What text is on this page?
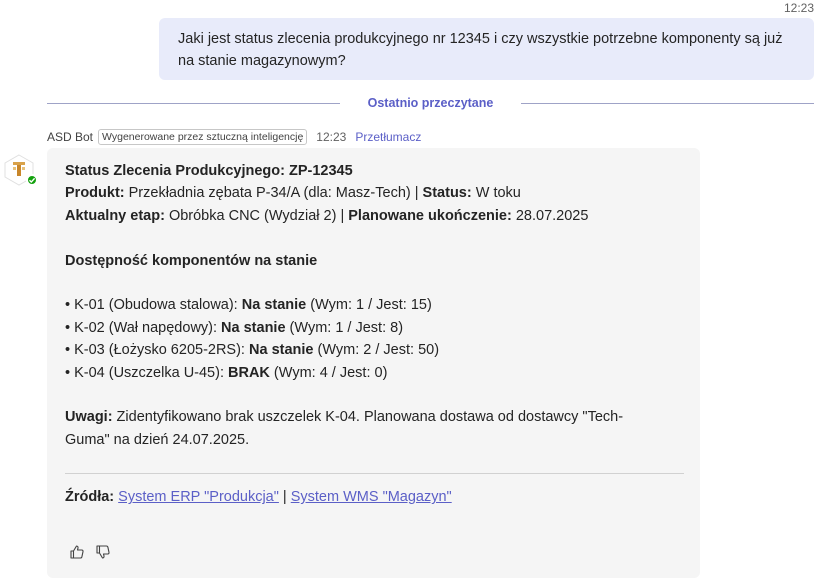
12:23
Jaki jest status zlecenia produkcyjnego nr 12345 i czy wszystkie potrzebne komponenty są już na stanie magazynowym?
Ostatnio przeczytane
ASD Bot Wygenerowane przez sztuczną inteligencję	12:23 Przetłumacz
Status Zlecenia Produkcyjnego: ZP-12345
Produkt: Przekładnia zębata P-34/A (dla: Masz-Tech) | Status: W toku
Aktualny etap: Obróbka CNC (Wydział 2) | Planowane ukończenie: 28.07.2025
Dostępność komponentów na stanie
• K-01 (Obudowa stalowa): Na stanie (Wym: 1 / Jest: 15)
• K-02 (Wał napędowy): Na stanie (Wym: 1 / Jest: 8)
• K-03 (Łożysko 6205-2RS): Na stanie (Wym: 2 / Jest: 50)
• K-04 (Uszczelka U-45): BRAK (Wym: 4 / Jest: 0)
Uwagi: Zidentyfikowano brak uszczelek K-04. Planowana dostawa od dostawcy "Tech-
Guma" na dzień 24.07.2025.
Źródła: System ERP "Produkcja" | System WMS "Magazyn"
